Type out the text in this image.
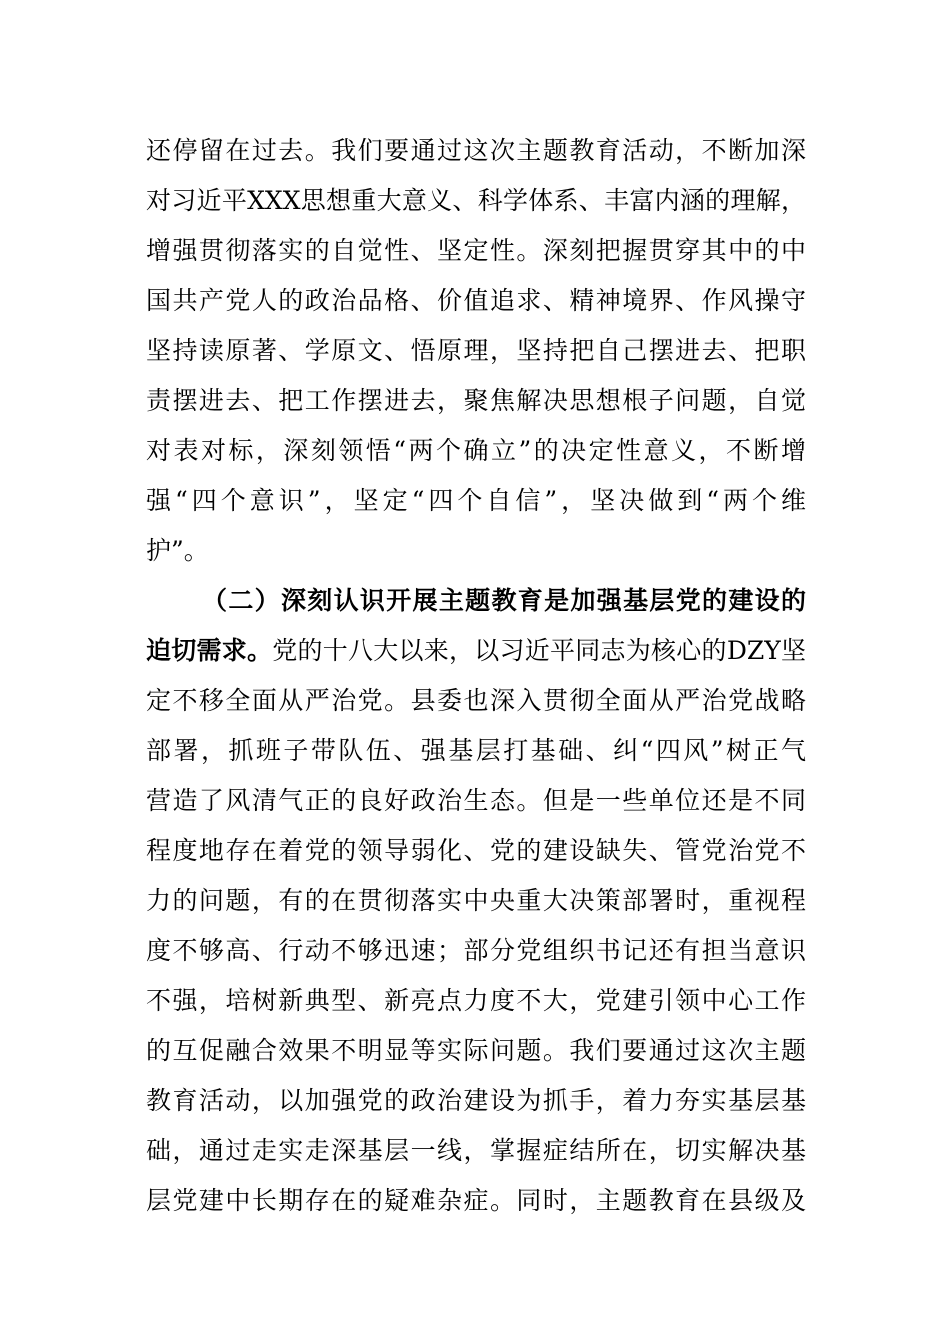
还停留在过去。我们要通过这次主题教育活动，不断加深
对习近平XXX思想重大意义、科学体系、丰富内涵的理解，
增强贯彻落实的自觉性、坚定性。深刻把握贯穿其中的中
国共产党人的政治品格、价值追求、精神境界、作风操守
坚持读原著、学原文、悟原理，坚持把自己摆进去、把职
责摆进去、把工作摆进去，聚焦解决思想根子问题，自觉
对表对标，深刻领悟“两个确立”的决定性意义，不断增
强“四个意识”，坚定“四个自信”，坚决做到“两个维
护”。
（二）深刻认识开展主题教育是加强基层党的建设的
迫切需求。党的十八大以来，以习近平同志为核心的DZY坚
定不移全面从严治党。县委也深入贯彻全面从严治党战略
部署，抓班子带队伍、强基层打基础、纠“四风”树正气
营造了风清气正的良好政治生态。但是一些单位还是不同
程度地存在着党的领导弱化、党的建设缺失、管党治党不
力的问题，有的在贯彻落实中央重大决策部署时，重视程
度不够高、行动不够迅速；部分党组织书记还有担当意识
不强，培树新典型、新亮点力度不大，党建引领中心工作
的互促融合效果不明显等实际问题。我们要通过这次主题
教育活动，以加强党的政治建设为抓手，着力夯实基层基
础，通过走实走深基层一线，掌握症结所在，切实解决基
层党建中长期存在的疑难杂症。同时，主题教育在县级及
